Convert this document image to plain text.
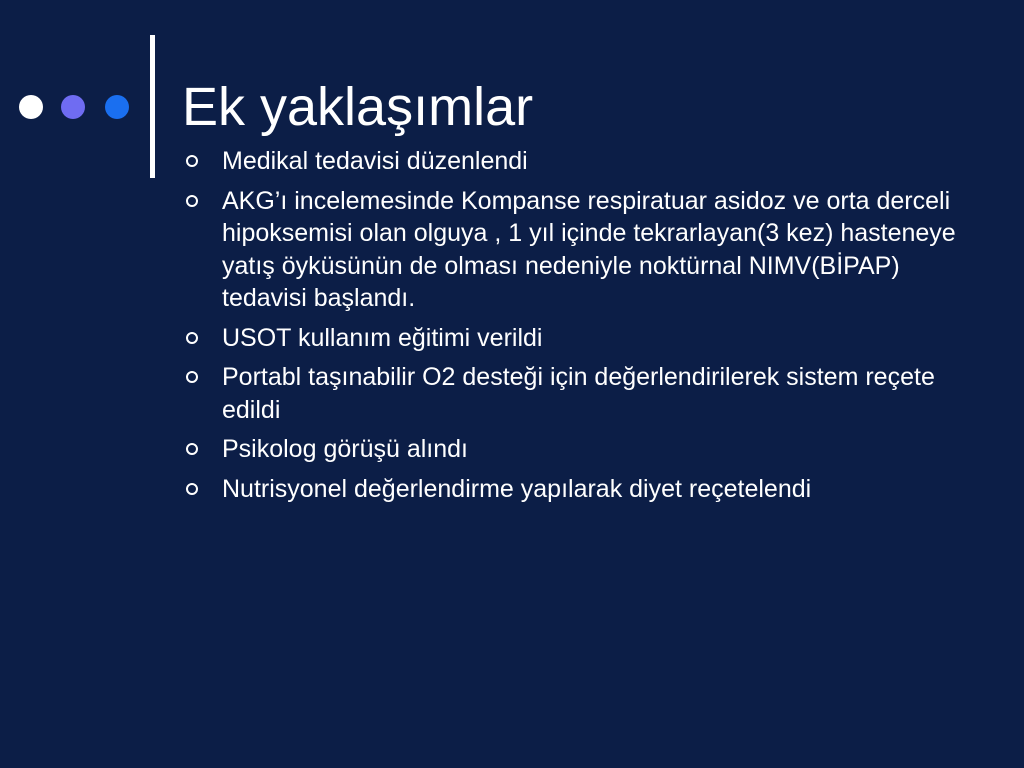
Ek yaklaşımlar
Medikal tedavisi düzenlendi
AKG’ı incelemesinde Kompanse respiratuar asidoz ve orta derceli hipoksemisi olan olguya , 1 yıl içinde tekrarlayan(3 kez) hasteneye yatış öyküsünün de olması nedeniyle noktürnal NIMV(BİPAP) tedavisi başlandı.
USOT kullanım eğitimi verildi
Portabl taşınabilir O2 desteği için değerlendirilerek sistem reçete edildi
Psikolog görüşü alındı
Nutrisyonel değerlendirme yapılarak diyet reçetelendi
